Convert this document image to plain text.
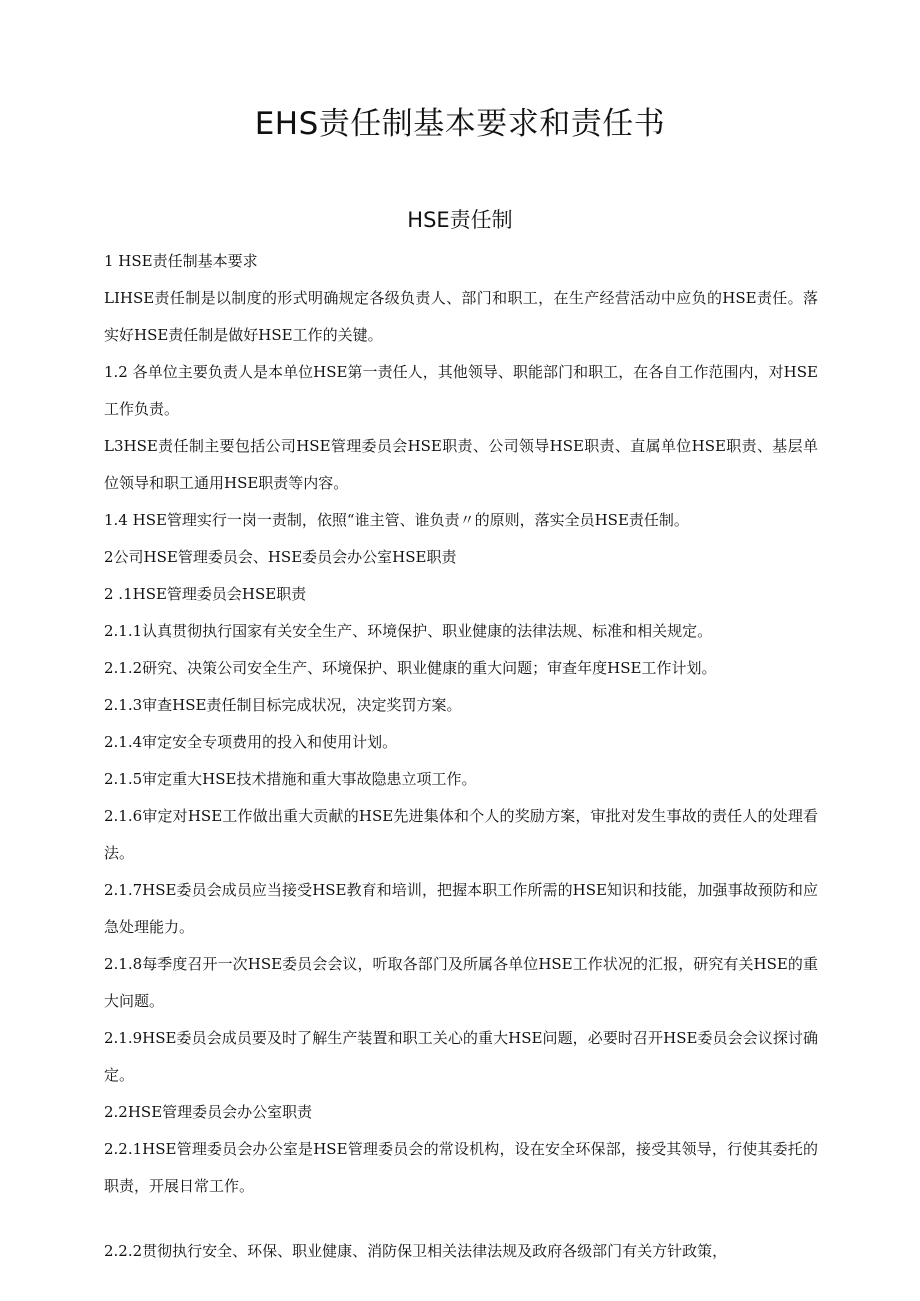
EHS责任制基本要求和责任书
HSE责任制

1 HSE责任制基本要求

LIHSE责任制是以制度的形式明确规定各级负责人、部门和职工，在生产经营活动中应负的HSE责任。落实好HSE责任制是做好HSE工作的关键。

1.2 各单位主要负责人是本单位HSE第一责任人，其他领导、职能部门和职工，在各自工作范围内，对HSE工作负责。

L3HSE责任制主要包括公司HSE管理委员会HSE职责、公司领导HSE职责、直属单位HSE职责、基层单位领导和职工通用HSE职责等内容。

1.4 HSE管理实行一岗一责制，依照“谁主管、谁负责〃的原则，落实全员HSE责任制。

2公司HSE管理委员会、HSE委员会办公室HSE职责

2 .1HSE管理委员会HSE职责

2.1.1认真贯彻执行国家有关安全生产、环境保护、职业健康的法律法规、标准和相关规定。

2.1.2研究、决策公司安全生产、环境保护、职业健康的重大问题；审查年度HSE工作计划。

2.1.3审查HSE责任制目标完成状况，决定奖罚方案。

2.1.4审定安全专项费用的投入和使用计划。

2.1.5审定重大HSE技术措施和重大事故隐患立项工作。

2.1.6审定对HSE工作做出重大贡献的HSE先进集体和个人的奖励方案，审批对发生事故的责任人的处理看法。

2.1.7HSE委员会成员应当接受HSE教育和培训，把握本职工作所需的HSE知识和技能，加强事故预防和应急处理能力。

2.1.8每季度召开一次HSE委员会会议，听取各部门及所属各单位HSE工作状况的汇报，研究有关HSE的重大问题。

2.1.9HSE委员会成员要及时了解生产装置和职工关心的重大HSE问题，必要时召开HSE委员会会议探讨确定。

2.2HSE管理委员会办公室职责

2.2.1HSE管理委员会办公室是HSE管理委员会的常设机构，设在安全环保部，接受其领导，行使其委托的职责，开展日常工作。

2.2.2贯彻执行安全、环保、职业健康、消防保卫相关法律法规及政府各级部门有关方针政策，
